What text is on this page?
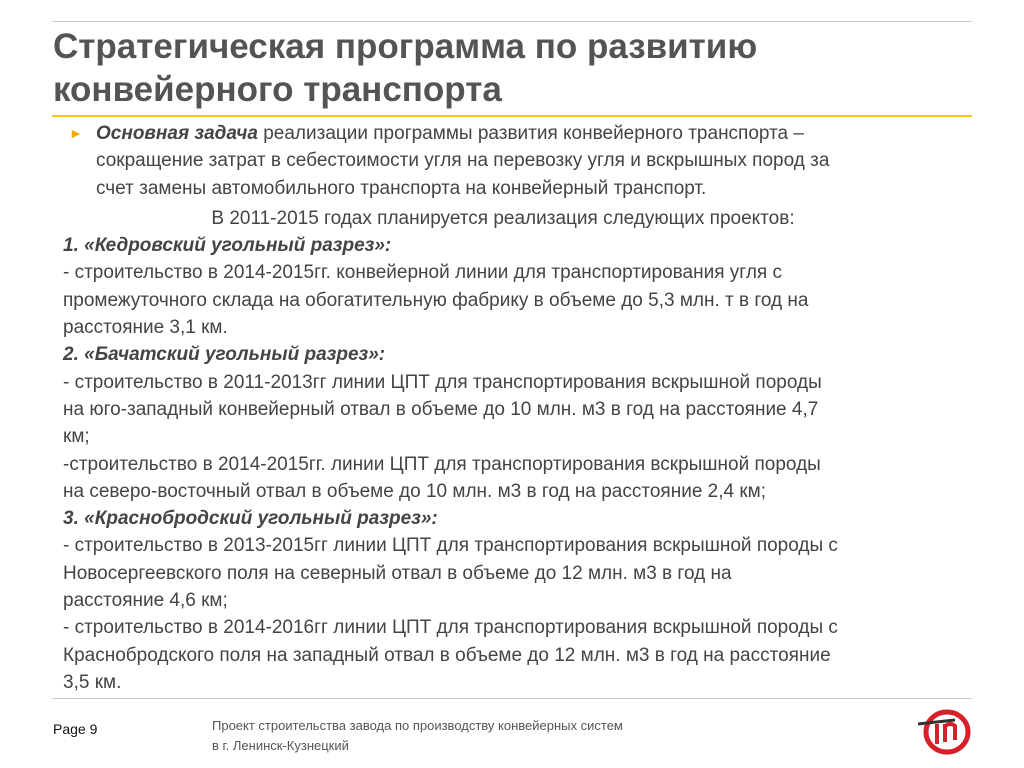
Стратегическая программа по развитию
конвейерного транспорта
► Основная задача реализации программы развития конвейерного транспорта –
сокращение затрат в себестоимости угля на перевозку угля и вскрышных пород за
счет замены автомобильного транспорта на конвейерный транспорт.
В 2011-2015 годах планируется реализация следующих проектов:
1. «Кедровский угольный разрез»:
- строительство в 2014-2015гг. конвейерной линии для транспортирования угля с
промежуточного склада на обогатительную фабрику в объеме до 5,3 млн. т в год на
расстояние 3,1 км.
2. «Бачатский угольный разрез»:
- строительство в 2011-2013гг линии ЦПТ для транспортирования вскрышной породы
на юго-западный конвейерный отвал в объеме до 10 млн. м3 в год на расстояние 4,7
км;
-строительство в 2014-2015гг. линии ЦПТ для транспортирования вскрышной породы
на северо-восточный отвал в объеме до 10 млн. м3 в год на расстояние 2,4 км;
3. «Краснобродский угольный разрез»:
- строительство в 2013-2015гг линии ЦПТ для транспортирования вскрышной породы с
Новосергеевского поля на северный отвал в объеме до 12 млн. м3 в год на
расстояние 4,6 км;
- строительство в 2014-2016гг линии ЦПТ для транспортирования вскрышной породы с
Краснобродского поля на западный отвал в объеме до 12 млн. м3 в год на расстояние
3,5 км.
Page 9	Проект строительства завода по производству конвейерных систем
в г. Ленинск-Кузнецкий
